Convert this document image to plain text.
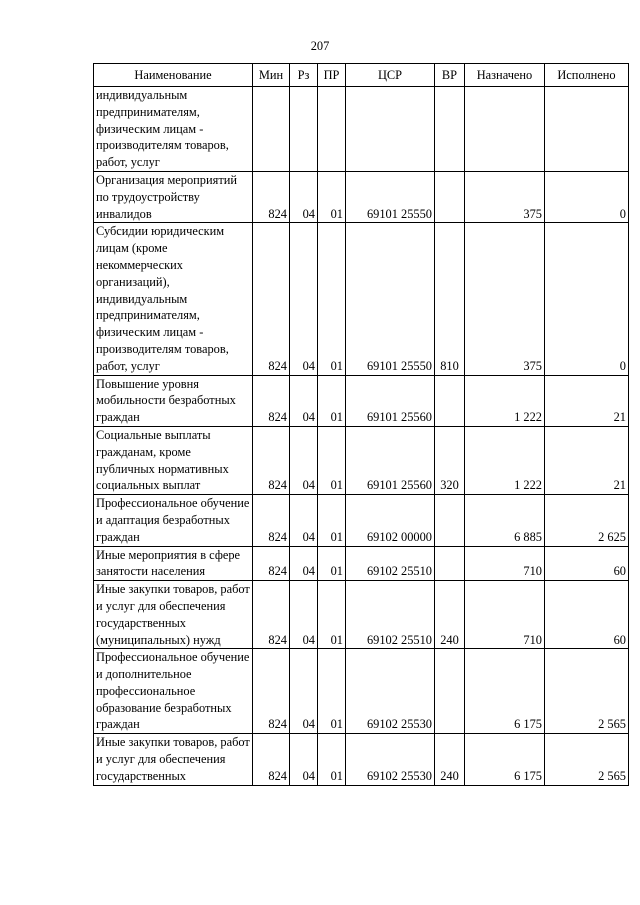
207
Наименование	Мин	Рз	ПР	ЦСР	ВР	Назначено	Исполнено
индивидуальным предпринимателям, физическим лицам - производителям товаров, работ, услуг							
Организация мероприятий по трудоустройству инвалидов	824	04	01	69101 25550		375	0
Субсидии юридическим лицам (кроме некоммерческих организаций), индивидуальным предпринимателям, физическим лицам - производителям товаров, работ, услуг	824	04	01	69101 25550	810	375	0
Повышение уровня мобильности безработных граждан	824	04	01	69101 25560		1 222	21
Социальные выплаты гражданам, кроме публичных нормативных социальных выплат	824	04	01	69101 25560	320	1 222	21
Профессиональное обучение и адаптация безработных граждан	824	04	01	69102 00000		6 885	2 625
Иные мероприятия в сфере занятости населения	824	04	01	69102 25510		710	60
Иные закупки товаров, работ и услуг для обеспечения государственных (муниципальных) нужд	824	04	01	69102 25510	240	710	60
Профессиональное обучение и дополнительное профессиональное образование безработных граждан	824	04	01	69102 25530		6 175	2 565
Иные закупки товаров, работ и услуг для обеспечения государственных	824	04	01	69102 25530	240	6 175	2 565
